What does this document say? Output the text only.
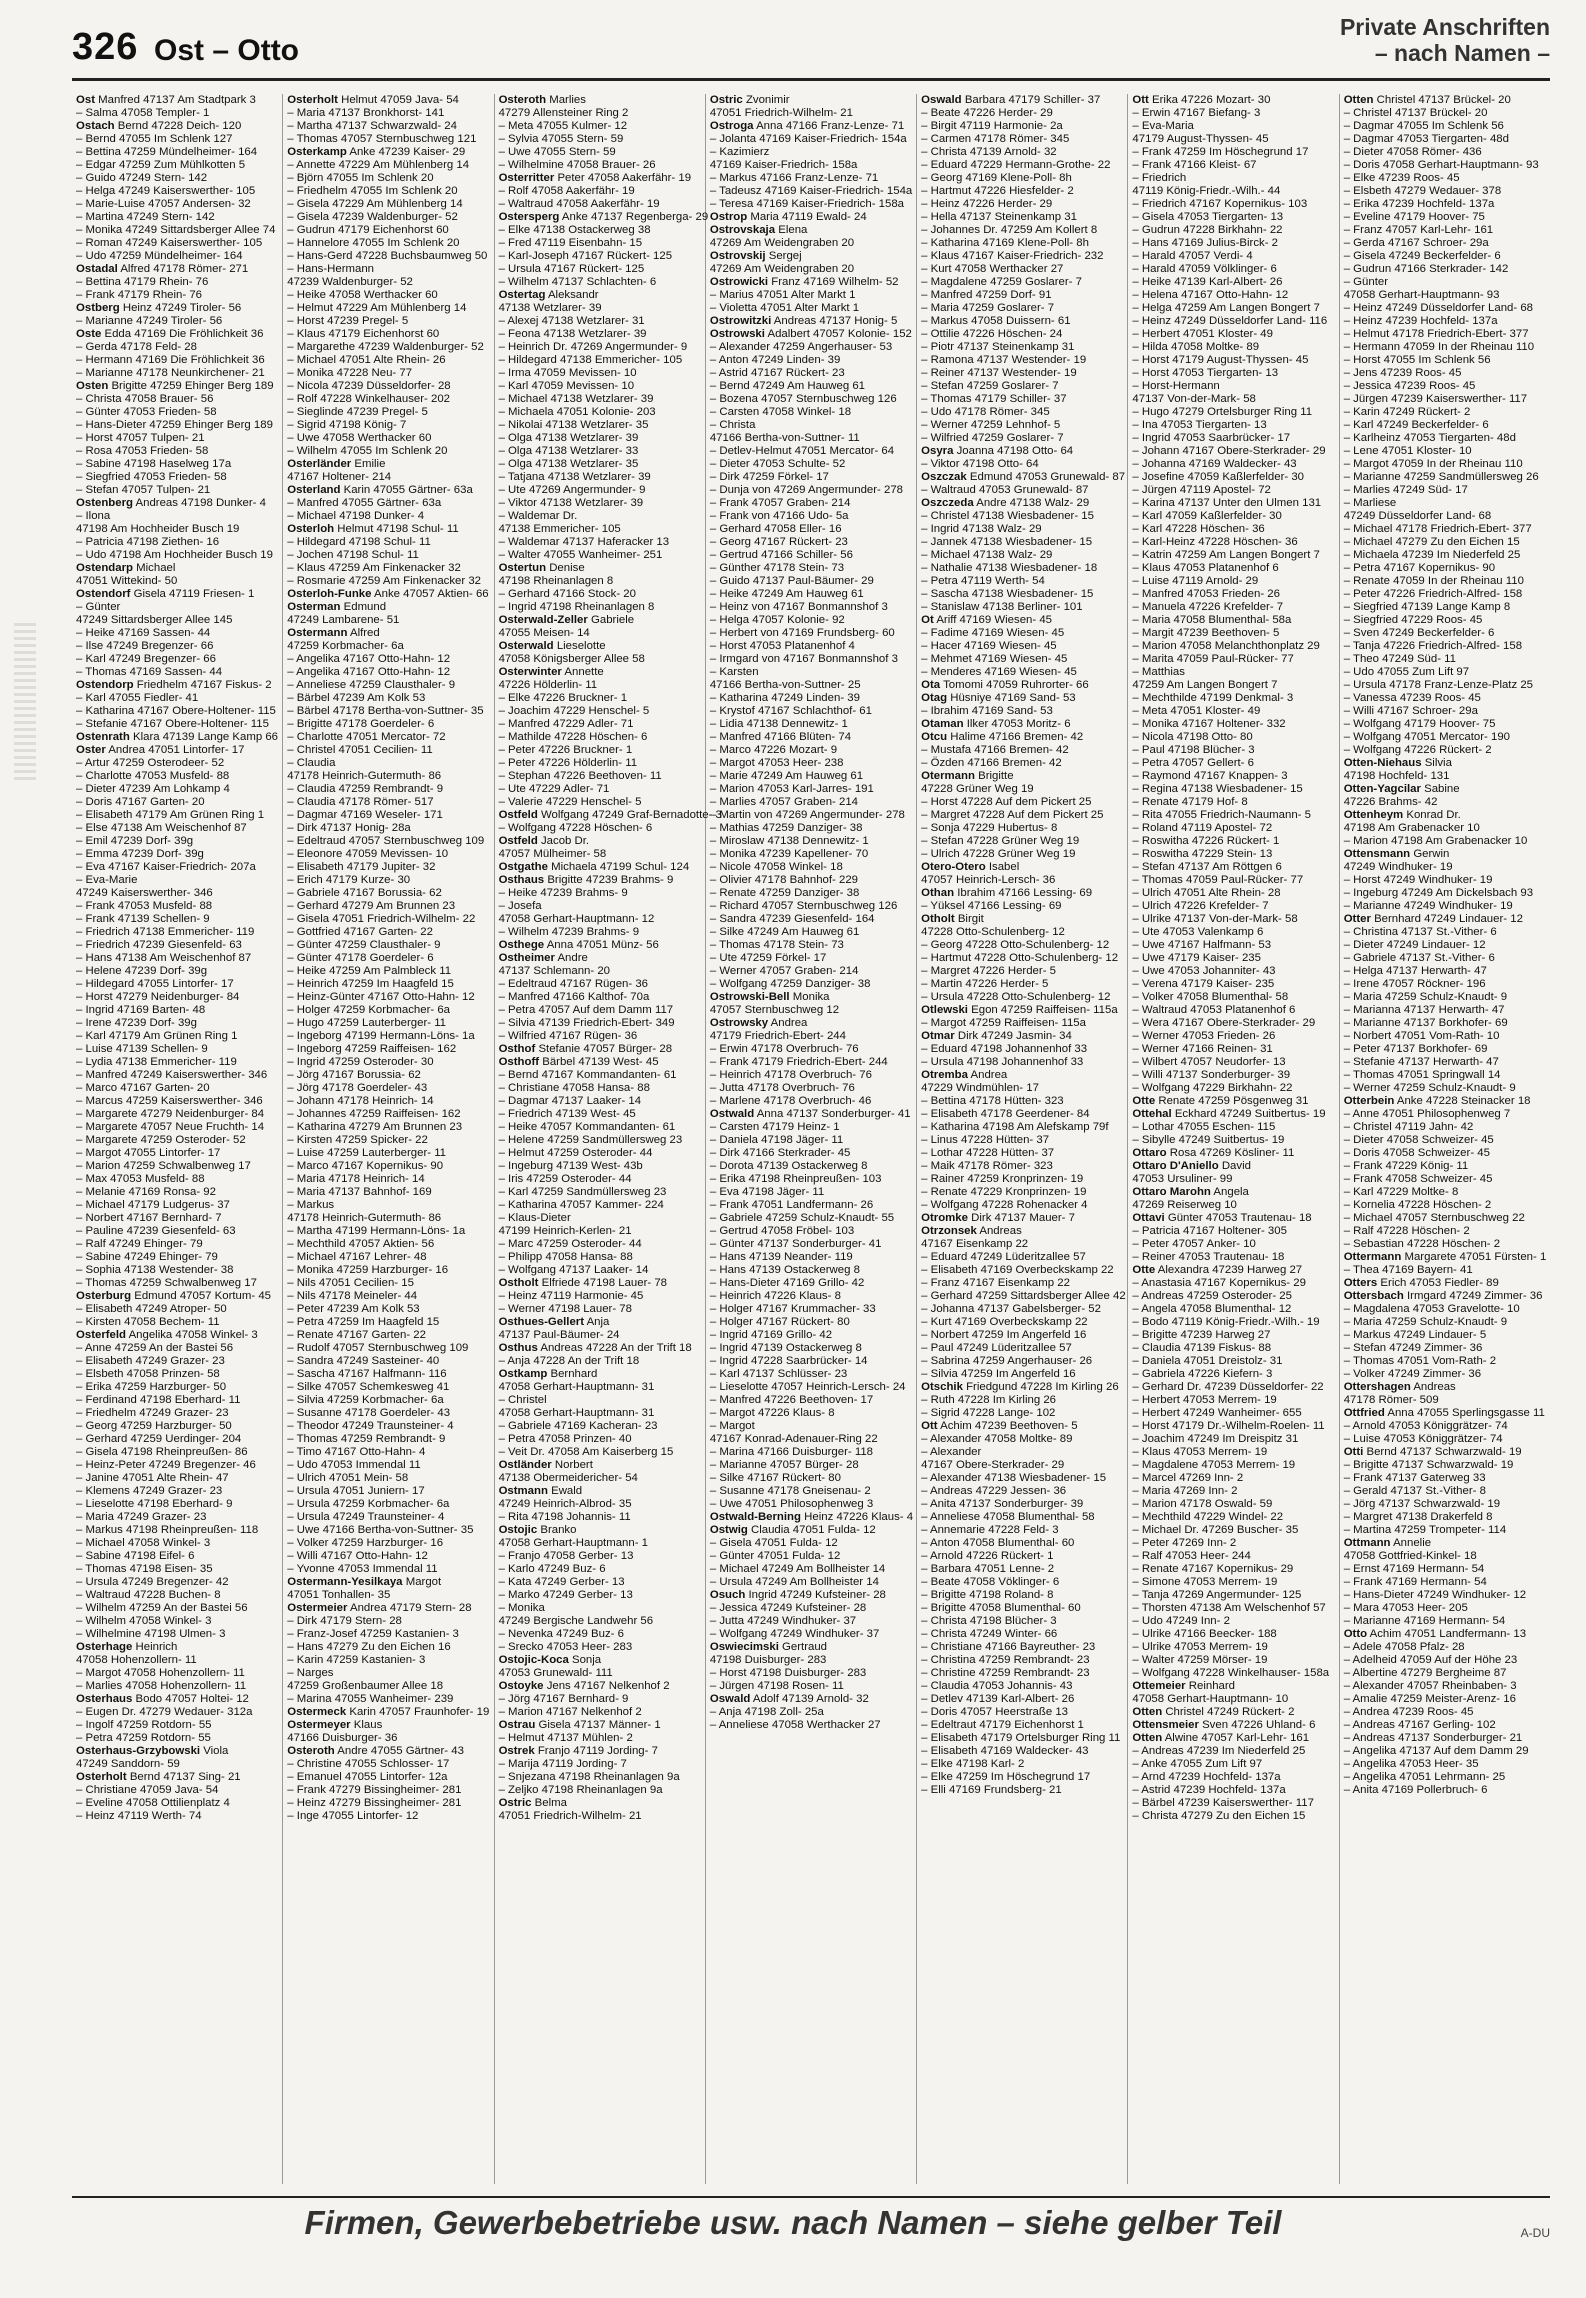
326 Ost – Otto
Private Anschriften
– nach Namen –
Ost Manfred 47137 Am Stadtpark 3
– Salma 47058 Templer- 1
Ostach Bernd 47228 Deich- 120
– Bernd 47055 Im Schlenk 127
– Bettina 47259 Mündelheimer- 164
– Edgar 47259 Zum Mühlkotten 5
– Guido 47249 Stern- 142
– Helga 47249 Kaiserswerther- 105
– Marie-Luise 47057 Andersen- 32
– Martina 47249 Stern- 142
– Monika 47249 Sittardsberger Allee 74
– Roman 47249 Kaiserswerther- 105
– Udo 47259 Mündelheimer- 164
Ostadal Alfred 47178 Römer- 271
– Bettina 47179 Rhein- 76
– Frank 47179 Rhein- 76
Ostberg Heinz 47249 Tiroler- 56
– Marianne 47249 Tiroler- 56
Oste Edda 47169 Die Fröhlichkeit 36
– Gerda 47178 Feld- 28
– Hermann 47169 Die Fröhlichkeit 36
– Marianne 47178 Neunkirchener- 21
Osten Brigitte 47259 Ehinger Berg 189
– Christa 47058 Brauer- 56
– Günter 47053 Frieden- 58
– Hans-Dieter 47259 Ehinger Berg 189
– Horst 47057 Tulpen- 21
– Rosa 47053 Frieden- 58
– Sabine 47198 Haselweg 17a
– Siegfried 47053 Frieden- 58
– Stefan 47057 Tulpen- 21
Ostenberg Andreas 47198 Dunker- 4
– Ilona
47198 Am Hochheider Busch 19
– Patricia 47198 Ziethen- 16
– Udo 47198 Am Hochheider Busch 19
Ostendarp Michael
47051 Wittekind- 50
Ostendorf Gisela 47119 Friesen- 1
– Günter
47249 Sittardsberger Allee 145
– Heike 47169 Sassen- 44
– Ilse 47249 Bregenzer- 66
– Karl 47249 Bregenzer- 66
– Thomas 47169 Sassen- 44
Ostendorp Friedhelm 47167 Fiskus- 2
– Karl 47055 Fiedler- 41
– Katharina 47167 Obere-Holtener- 115
– Stefanie 47167 Obere-Holtener- 115
Ostenrath Klara 47139 Lange Kamp 66
Oster Andrea 47051 Lintorfer- 17
– Artur 47259 Osterodeer- 52
– Charlotte 47053 Musfeld- 88
– Dieter 47239 Am Lohkamp 4
– Doris 47167 Garten- 20
– Elisabeth 47179 Am Grünen Ring 1
– Else 47138 Am Weischenhof 87
– Emil 47239 Dorf- 39g
– Emma 47239 Dorf- 39g
– Eva 47167 Kaiser-Friedrich- 207a
– Eva-Marie
47249 Kaiserswerther- 346
– Frank 47053 Musfeld- 88
– Frank 47139 Schellen- 9
– Friedrich 47138 Emmericher- 119
– Friedrich 47239 Giesenfeld- 63
– Hans 47138 Am Weischenhof 87
– Helene 47239 Dorf- 39g
– Hildegard 47055 Lintorfer- 17
– Horst 47279 Neidenburger- 84
– Ingrid 47169 Barten- 48
– Irene 47239 Dorf- 39g
– Karl 47179 Am Grünen Ring 1
– Luise 47139 Schellen- 9
– Lydia 47138 Emmericher- 119
– Manfred 47249 Kaiserswerther- 346
– Marco 47167 Garten- 20
– Marcus 47259 Kaiserswerther- 346
– Margarete 47279 Neidenburger- 84
– Margarete 47057 Neue Fruchth- 14
– Margarete 47259 Osteroder- 52
– Margot 47055 Lintorfer- 17
– Marion 47259 Schwalbenweg 17
– Max 47053 Musfeld- 88
– Melanie 47169 Ronsa- 92
– Michael 47179 Ludgerus- 37
– Norbert 47167 Bernhard- 7
– Pauline 47239 Giesenfeld- 63
– Ralf 47249 Ehinger- 79
– Sabine 47249 Ehinger- 79
– Sophia 47138 Westender- 38
– Thomas 47259 Schwalbenweg 17
Osterburg Edmund 47057 Kortum- 45
– Elisabeth 47249 Atroper- 50
– Kirsten 47058 Bechem- 11
Osterfeld Angelika 47058 Winkel- 3
– Anne 47259 An der Bastei 56
– Elisabeth 47249 Grazer- 23
– Elsbeth 47058 Prinzen- 58
– Erika 47259 Harzburger- 50
– Ferdinand 47198 Eberhard- 11
– Friedhelm 47249 Grazer- 23
– Georg 47259 Harzburger- 50
– Gerhard 47259 Uerdinger- 204
– Gisela 47198 Rheinpreußen- 86
– Heinz-Peter 47249 Bregenzer- 46
– Janine 47051 Alte Rhein- 47
– Klemens 47249 Grazer- 23
– Lieselotte 47198 Eberhard- 9
– Maria 47249 Grazer- 23
– Markus 47198 Rheinpreußen- 118
– Michael 47058 Winkel- 3
– Sabine 47198 Eifel- 6
– Thomas 47198 Eisen- 35
– Ursula 47249 Bregenzer- 42
– Waltraud 47228 Buchen- 8
– Wilhelm 47259 An der Bastei 56
– Wilhelm 47058 Winkel- 3
– Wilhelmine 47198 Ulmen- 3
Osterhage Heinrich
47058 Hohenzollern- 11
– Margot 47058 Hohenzollern- 11
– Marlies 47058 Hohenzollern- 11
Osterhaus Bodo 47057 Holtei- 12
– Eugen Dr. 47279 Wedauer- 312a
– Ingolf 47259 Rotdorn- 55
– Petra 47259 Rotdorn- 55
Osterhaus-Grzybowski Viola
47249 Sanddorn- 59
Osterholt Bernd 47137 Sing- 21
– Christiane 47059 Java- 54
– Eveline 47058 Ottilienplatz 4
– Heinz 47119 Werth- 74
Osterholt Helmut 47059 Java- 54
– Maria 47137 Bronkhorst- 141
– Martha 47137 Schwarzwald- 24
– Thomas 47057 Sternbuschweg 121
Osterkamp Anke 47239 Kaiser- 29
– Annette 47229 Am Mühlenberg 14
– Björn 47055 Im Schlenk 20
– Friedhelm 47055 Im Schlenk 20
– Gisela 47229 Am Mühlenberg 14
– Gisela 47239 Waldenburger- 52
– Gudrun 47179 Eichenhorst 60
– Hannelore 47055 Im Schlenk 20
– Hans-Gerd 47228 Buchsbaumweg 50
– Hans-Hermann
47239 Waldenburger- 52
– Heike 47058 Werthacker 60
– Helmut 47229 Am Mühlenberg 14
– Horst 47239 Pregel- 5
– Klaus 47179 Eichenhorst 60
– Margarethe 47239 Waldenburger- 52
– Michael 47051 Alte Rhein- 26
– Monika 47228 Neu- 77
– Nicola 47239 Düsseldorfer- 28
– Rolf 47228 Winkelhauser- 202
– Sieglinde 47239 Pregel- 5
– Sigrid 47198 König- 7
– Uwe 47058 Werthacker 60
– Wilhelm 47055 Im Schlenk 20
Osterländer Emilie
47167 Holtener- 214
Osterland Karin 47055 Gärtner- 63a
– Manfred 47055 Gärtner- 63a
– Michael 47198 Dunker- 4
Osterloh Helmut 47198 Schul- 11
– Hildegard 47198 Schul- 11
– Jochen 47198 Schul- 11
– Klaus 47259 Am Finkenacker 32
– Rosmarie 47259 Am Finkenacker 32
Osterloh-Funke Anke 47057 Aktien- 66
Osterman Edmund
47249 Lambarene- 51
Ostermann Alfred
47259 Korbmacher- 6a
– Angelika 47167 Otto-Hahn- 12
– Angelika 47167 Otto-Hahn- 12
– Anneliese 47259 Clausthaler- 9
– Bärbel 47239 Am Kolk 53
– Bärbel 47178 Bertha-von-Suttner- 35
– Brigitte 47178 Goerdeler- 6
– Charlotte 47051 Mercator- 72
– Christel 47051 Cecilien- 11
– Claudia
47178 Heinrich-Gutermuth- 86
– Claudia 47259 Rembrandt- 9
– Claudia 47178 Römer- 517
– Dagmar 47169 Weseler- 171
– Dirk 47137 Honig- 28a
– Edeltraud 47057 Sternbuschweg 109
– Eleonore 47059 Mevissen- 10
– Elisabeth 47179 Jupiter- 32
– Erich 47179 Kurze- 30
– Gabriele 47167 Borussia- 62
– Gerhard 47279 Am Brunnen 23
– Gisela 47051 Friedrich-Wilhelm- 22
– Gottfried 47167 Garten- 22
– Günter 47259 Clausthaler- 9
– Günter 47178 Goerdeler- 6
– Heike 47259 Am Palmbleck 11
– Heinrich 47259 Im Haagfeld 15
– Heinz-Günter 47167 Otto-Hahn- 12
– Holger 47259 Korbmacher- 6a
– Hugo 47259 Lauterberger- 11
– Ingeborg 47199 Hermann-Löns- 1a
– Ingeborg 47259 Raiffeisen- 162
– Ingrid 47259 Osteroder- 30
– Jörg 47167 Borussia- 62
– Jörg 47178 Goerdeler- 43
– Johann 47178 Heinrich- 14
– Johannes 47259 Raiffeisen- 162
– Katharina 47279 Am Brunnen 23
– Kirsten 47259 Spicker- 22
– Luise 47259 Lauterberger- 11
– Marco 47167 Kopernikus- 90
– Maria 47178 Heinrich- 14
– Maria 47137 Bahnhof- 169
– Markus
47178 Heinrich-Gutermuth- 86
– Martha 47199 Hermann-Löns- 1a
– Mechthild 47057 Aktien- 56
– Michael 47167 Lehrer- 48
– Monika 47259 Harzburger- 16
– Nils 47051 Cecilien- 15
– Nils 47178 Meineler- 44
– Peter 47239 Am Kolk 53
– Petra 47259 Im Haagfeld 15
– Renate 47167 Garten- 22
– Rudolf 47057 Sternbuschweg 109
– Sandra 47249 Sasteiner- 40
– Sascha 47167 Halfmann- 116
– Silke 47057 Schemkesweg 41
– Silvia 47259 Korbmacher- 6a
– Susanne 47178 Goerdeler- 43
– Theodor 47249 Traunsteiner- 4
– Thomas 47259 Rembrandt- 9
– Timo 47167 Otto-Hahn- 4
– Udo 47053 Immendal 11
– Ulrich 47051 Mein- 58
– Ursula 47051 Juniern- 17
– Ursula 47259 Korbmacher- 6a
– Ursula 47249 Traunsteiner- 4
– Uwe 47166 Bertha-von-Suttner- 35
– Volker 47259 Harzburger- 16
– Willi 47167 Otto-Hahn- 12
– Yvonne 47053 Immendal 11
Ostermann-Yesilkaya Margot
47051 Tonhallen- 35
Ostermeier Andrea 47179 Stern- 28
– Dirk 47179 Stern- 28
– Franz-Josef 47259 Kastanien- 3
– Hans 47279 Zu den Eichen 16
– Karin 47259 Kastanien- 3
– Narges
47259 Großenbaumer Allee 18
– Marina 47055 Wanheimer- 239
Ostermeck Karin 47057 Fraunhofer- 19
Ostermeyer Klaus
47166 Duisburger- 36
Osteroth Andre 47055 Gärtner- 43
– Christine 47055 Schlosser- 17
– Emanuel 47055 Lintorfer- 12a
– Frank 47279 Bissingheimer- 281
– Heinz 47279 Bissingheimer- 281
– Inge 47055 Lintorfer- 12
Osteroth Marlies
47279 Allensteiner Ring 2
– Meta 47055 Kulmer- 12
– Sylvia 47055 Stern- 59
– Uwe 47055 Stern- 59
– Wilhelmine 47058 Brauer- 26
Osterritter Peter 47058 Aakerfähr- 19
– Rolf 47058 Aakerfähr- 19
– Waltraud 47058 Aakerfähr- 19
Ostersperg Anke 47137 Regenberga- 29
– Elke 47138 Ostackerweg 38
– Fred 47119 Eisenbahn- 15
– Karl-Joseph 47167 Rückert- 125
– Ursula 47167 Rückert- 125
– Wilhelm 47137 Schlachten- 6
Ostertag Aleksandr
47138 Wetzlarer- 39
– Alexej 47138 Wetzlarer- 31
– Feona 47138 Wetzlarer- 39
– Heinrich Dr. 47269 Angermunder- 9
– Hildegard 47138 Emmericher- 105
– Irma 47059 Mevissen- 10
– Karl 47059 Mevissen- 10
– Michael 47138 Wetzlarer- 39
– Michaela 47051 Kolonie- 203
– Nikolai 47138 Wetzlarer- 35
– Olga 47138 Wetzlarer- 39
– Olga 47138 Wetzlarer- 33
– Olga 47138 Wetzlarer- 35
– Tatjana 47138 Wetzlarer- 39
– Ute 47269 Angermunder- 9
– Viktor 47138 Wetzlarer- 39
– Waldemar Dr.
47138 Emmericher- 105
– Waldemar 47137 Haferacker 13
– Walter 47055 Wanheimer- 251
Ostertun Denise
47198 Rheinanlagen 8
– Gerhard 47166 Stock- 20
– Ingrid 47198 Rheinanlagen 8
Osterwald-Zeller Gabriele
47055 Meisen- 14
Osterwald Lieselotte
47058 Königsberger Allee 58
Osterwinter Annette
47226 Hölderlin- 11
– Elke 47226 Bruckner- 1
– Joachim 47229 Henschel- 5
– Manfred 47229 Adler- 71
– Mathilde 47228 Höschen- 6
– Peter 47226 Bruckner- 1
– Peter 47226 Hölderlin- 11
– Stephan 47226 Beethoven- 11
– Ute 47229 Adler- 71
– Valerie 47229 Henschel- 5
Ostfeld Wolfgang 47249 Graf-Bernadotte- 3
– Wolfgang 47228 Höschen- 6
Ostfeld Jacob Dr.
47057 Mülheimer- 58
Ostgathe Michaela 47199 Schul- 124
Osthaus Brigitte 47239 Brahms- 9
– Heike 47239 Brahms- 9
– Josefa
47058 Gerhart-Hauptmann- 12
– Wilhelm 47239 Brahms- 9
Osthege Anna 47051 Münz- 56
Ostheimer Andre
47137 Schlemann- 20
– Edeltraud 47167 Rügen- 36
– Manfred 47166 Kalthof- 70a
– Petra 47057 Auf dem Damm 117
– Silvia 47139 Friedrich-Ebert- 349
– Wilfried 47167 Rügen- 36
Osthof Stefanie 47057 Bürger- 28
Osthoff Bärbel 47139 West- 45
– Bernd 47167 Kommandanten- 61
– Christiane 47058 Hansa- 88
– Dagmar 47137 Laaker- 14
– Friedrich 47139 West- 45
– Heike 47057 Kommandanten- 61
– Helene 47259 Sandmüllersweg 23
– Helmut 47259 Osteroder- 44
– Ingeburg 47139 West- 43b
– Iris 47259 Osteroder- 44
– Karl 47259 Sandmüllersweg 23
– Katharina 47057 Kammer- 224
– Klaus-Dieter
47199 Heinrich-Kerlen- 21
– Marc 47259 Osteroder- 44
– Philipp 47058 Hansa- 88
– Wolfgang 47137 Laaker- 14
Ostholt Elfriede 47198 Lauer- 78
– Heinz 47119 Harmonie- 45
– Werner 47198 Lauer- 78
Osthues-Gellert Anja
47137 Paul-Bäumer- 24
Osthus Andreas 47228 An der Trift 18
– Anja 47228 An der Trift 18
Ostkamp Bernhard
47058 Gerhart-Hauptmann- 31
– Christel
47058 Gerhart-Hauptmann- 31
– Gabriele 47169 Kacheran- 23
– Petra 47058 Prinzen- 40
– Veit Dr. 47058 Am Kaiserberg 15
Ostländer Norbert
47138 Obermeidericher- 54
Ostmann Ewald
47249 Heinrich-Albrod- 35
– Rita 47198 Johannis- 11
Ostojic Branko
47058 Gerhart-Hauptmann- 1
– Franjo 47058 Gerber- 13
– Karlo 47249 Buz- 6
– Kata 47249 Gerber- 13
– Marko 47249 Gerber- 13
– Monika
47249 Bergische Landwehr 56
– Nevenka 47249 Buz- 6
– Srecko 47053 Heer- 283
Ostojic-Koca Sonja
47053 Grunewald- 111
Ostoyke Jens 47167 Nelkenhof 2
– Jörg 47167 Bernhard- 9
– Marion 47167 Nelkenhof 2
Ostrau Gisela 47137 Männer- 1
– Helmut 47137 Mühlen- 2
Ostrek Franjo 47119 Jording- 7
– Marija 47119 Jording- 7
– Snjezana 47198 Rheinanlagen 9a
– Zeljko 47198 Rheinanlagen 9a
Ostric Belma
47051 Friedrich-Wilhelm- 21
Ostric Zvonimir
47051 Friedrich-Wilhelm- 21
Ostroga Anna 47166 Franz-Lenze- 71
– Jolanta 47169 Kaiser-Friedrich- 154a
– Kazimierz
47169 Kaiser-Friedrich- 158a
– Markus 47166 Franz-Lenze- 71
– Tadeusz 47169 Kaiser-Friedrich- 154a
– Teresa 47169 Kaiser-Friedrich- 158a
Ostrop Maria 47119 Ewald- 24
Ostrovskaja Elena
47269 Am Weidengraben 20
Ostrovskij Sergej
47269 Am Weidengraben 20
Ostrowicki Franz 47169 Wilhelm- 52
– Marius 47051 Alter Markt 1
– Violetta 47051 Alter Markt 1
Ostrowitzki Andreas 47137 Honig- 5
Ostrowski Adalbert 47057 Kolonie- 152
– Alexander 47259 Angerhauser- 53
– Anton 47249 Linden- 39
– Astrid 47167 Rückert- 23
– Bernd 47249 Am Hauweg 61
– Bozena 47057 Sternbuschweg 126
– Carsten 47058 Winkel- 18
– Christa
47166 Bertha-von-Suttner- 11
– Detlev-Helmut 47051 Mercator- 64
– Dieter 47053 Schulte- 52
– Dirk 47259 Förkel- 17
– Dunja von 47269 Angermunder- 278
– Frank 47057 Graben- 214
– Frank von 47166 Udo- 5a
– Gerhard 47058 Eller- 16
– Georg 47167 Rückert- 23
– Gertrud 47166 Schiller- 56
– Günther 47178 Stein- 73
– Guido 47137 Paul-Bäumer- 29
– Heike 47249 Am Hauweg 61
– Heinz von 47167 Bonmannshof 3
– Helga 47057 Kolonie- 92
– Herbert von 47169 Frundsberg- 60
– Horst 47053 Platanenhof 4
– Irmgard von 47167 Bonmannshof 3
– Karsten
47166 Bertha-von-Suttner- 25
– Katharina 47249 Linden- 39
– Krystof 47167 Schlachthof- 61
– Lidia 47138 Dennewitz- 1
– Manfred 47166 Blüten- 74
– Marco 47226 Mozart- 9
– Margot 47053 Heer- 238
– Marie 47249 Am Hauweg 61
– Marion 47053 Karl-Jarres- 191
– Marlies 47057 Graben- 214
– Martin von 47269 Angermunder- 278
– Mathias 47259 Danziger- 38
– Miroslaw 47138 Dennewitz- 1
– Monika 47239 Kapellener- 70
– Nicole 47058 Winkel- 18
– Olivier 47178 Bahnhof- 229
– Renate 47259 Danziger- 38
– Richard 47057 Sternbuschweg 126
– Sandra 47239 Giesenfeld- 164
– Silke 47249 Am Hauweg 61
– Thomas 47178 Stein- 73
– Ute 47259 Förkel- 17
– Werner 47057 Graben- 214
– Wolfgang 47259 Danziger- 38
Ostrowski-Bell Monika
47057 Sternbuschweg 12
Ostrowsky Andrea
47179 Friedrich-Ebert- 244
– Erwin 47178 Overbruch- 76
– Frank 47179 Friedrich-Ebert- 244
– Heinrich 47178 Overbruch- 76
– Jutta 47178 Overbruch- 76
– Marlene 47178 Overbruch- 46
Ostwald Anna 47137 Sonderburger- 41
– Carsten 47179 Heinz- 1
– Daniela 47198 Jäger- 11
– Dirk 47166 Sterkrader- 45
– Dorota 47139 Ostackerweg 8
– Erika 47198 Rheinpreußen- 103
– Eva 47198 Jäger- 11
– Frank 47051 Landfermann- 26
– Gabriele 47259 Schulz-Knaudt- 55
– Gertrud 47058 Fröbel- 103
– Günter 47137 Sonderburger- 41
– Hans 47139 Neander- 119
– Hans 47139 Ostackerweg 8
– Hans-Dieter 47169 Grillo- 42
– Heinrich 47226 Klaus- 8
– Holger 47167 Krummacher- 33
– Holger 47167 Rückert- 80
– Ingrid 47169 Grillo- 42
– Ingrid 47139 Ostackerweg 8
– Ingrid 47228 Saarbrücker- 14
– Karl 47137 Schlüsser- 23
– Lieselotte 47057 Heinrich-Lersch- 24
– Manfred 47226 Beethoven- 17
– Margot 47226 Klaus- 8
– Margot
47167 Konrad-Adenauer-Ring 22
– Marina 47166 Duisburger- 118
– Marianne 47057 Bürger- 28
– Silke 47167 Rückert- 80
– Susanne 47178 Gneisenau- 2
– Uwe 47051 Philosophenweg 3
Ostwald-Berning Heinz 47226 Klaus- 4
Ostwig Claudia 47051 Fulda- 12
– Gisela 47051 Fulda- 12
– Günter 47051 Fulda- 12
– Michael 47249 Am Bollheister 14
– Ursula 47249 Am Bollheister 14
Osuch Ingrid 47249 Kufsteiner- 28
– Jessica 47249 Kufsteiner- 28
– Jutta 47249 Windhuker- 37
– Wolfgang 47249 Windhuker- 37
Oswiecimski Gertraud
47198 Duisburger- 283
– Horst 47198 Duisburger- 283
– Jürgen 47198 Rosen- 11
Oswald Adolf 47139 Arnold- 32
– Anja 47198 Zoll- 25a
– Anneliese 47058 Werthacker 27
Oswald Barbara 47179 Schiller- 37
– Beate 47226 Herder- 29
– Birgit 47119 Harmonie- 2a
– Carmen 47178 Römer- 345
– Christa 47139 Arnold- 32
– Eduard 47229 Hermann-Grothe- 22
– Georg 47169 Klene-Poll- 8h
– Hartmut 47226 Hiesfelder- 2
– Heinz 47226 Herder- 29
– Hella 47137 Steinenkamp 31
– Johannes Dr. 47259 Am Kollert 8
– Katharina 47169 Klene-Poll- 8h
– Klaus 47167 Kaiser-Friedrich- 232
– Kurt 47058 Werthacker 27
– Magdalene 47259 Goslarer- 7
– Manfred 47259 Dorf- 91
– Maria 47259 Goslarer- 7
– Markus 47058 Duissern- 61
– Ottilie 47226 Höschen- 24
– Piotr 47137 Steinenkamp 31
– Ramona 47137 Westender- 19
– Reiner 47137 Westender- 19
– Stefan 47259 Goslarer- 7
– Thomas 47179 Schiller- 37
– Udo 47178 Römer- 345
– Werner 47259 Lehnhof- 5
– Wilfried 47259 Goslarer- 7
Osyra Joanna 47198 Otto- 64
– Viktor 47198 Otto- 64
Oszczak Edmund 47053 Grunewald- 87
– Waltraud 47053 Grunewald- 87
Oszczeda Andre 47138 Walz- 29
– Christel 47138 Wiesbadener- 15
– Ingrid 47138 Walz- 29
– Jannek 47138 Wiesbadener- 15
– Michael 47138 Walz- 29
– Nathalie 47138 Wiesbadener- 18
– Petra 47119 Werth- 54
– Sascha 47138 Wiesbadener- 15
– Stanislaw 47138 Berliner- 101
Ot Ariff 47169 Wiesen- 45
– Fadime 47169 Wiesen- 45
– Hacer 47169 Wiesen- 45
– Mehmet 47169 Wiesen- 45
– Menderes 47169 Wiesen- 45
Ota Tomomi 47059 Ruhrorter- 66
Otag Hüsniye 47169 Sand- 53
– Ibrahim 47169 Sand- 53
Otaman Ilker 47053 Moritz- 6
Otcu Halime 47166 Bremen- 42
– Mustafa 47166 Bremen- 42
– Özden 47166 Bremen- 42
Otermann Brigitte
47228 Grüner Weg 19
– Horst 47228 Auf dem Pickert 25
– Margret 47228 Auf dem Pickert 25
– Sonja 47229 Hubertus- 8
– Stefan 47228 Grüner Weg 19
– Ulrich 47228 Grüner Weg 19
Otero-Otero Isabel
47057 Heinrich-Lersch- 36
Othan Ibrahim 47166 Lessing- 69
– Yüksel 47166 Lessing- 69
Otholt Birgit
47228 Otto-Schulenberg- 12
– Georg 47228 Otto-Schulenberg- 12
– Hartmut 47228 Otto-Schulenberg- 12
– Margret 47226 Herder- 5
– Martin 47226 Herder- 5
– Ursula 47228 Otto-Schulenberg- 12
Otlewski Egon 47259 Raiffeisen- 115a
– Margot 47259 Raiffeisen- 115a
Otmar Dirk 47249 Jasmin- 34
– Eduard 47198 Johannenhof 33
– Ursula 47198 Johannenhof 33
Otremba Andrea
47229 Windmühlen- 17
– Bettina 47178 Hütten- 323
– Elisabeth 47178 Geerdener- 84
– Katharina 47198 Am Alefskamp 79f
– Linus 47228 Hütten- 37
– Lothar 47228 Hütten- 37
– Maik 47178 Römer- 323
– Rainer 47259 Kronprinzen- 19
– Renate 47229 Kronprinzen- 19
– Wolfgang 47228 Rohenacker 4
Otromke Dirk 47137 Mauer- 7
Otrzonsek Andreas
47167 Eisenkamp 22
– Eduard 47249 Lüderitzallee 57
– Elisabeth 47169 Overbeckskamp 22
– Franz 47167 Eisenkamp 22
– Gerhard 47259 Sittardsberger Allee 42
– Johanna 47137 Gabelsberger- 52
– Kurt 47169 Overbeckskamp 22
– Norbert 47259 Im Angerfeld 16
– Paul 47249 Lüderitzallee 57
– Sabrina 47259 Angerhauser- 26
– Silvia 47259 Im Angerfeld 16
Otschik Friedgund 47228 Im Kirling 26
– Ruth 47228 Im Kirling 26
– Sigrid 47228 Lange- 102
Ott Achim 47239 Beethoven- 5
– Alexander 47058 Moltke- 89
– Alexander
47167 Obere-Sterkrader- 29
– Alexander 47138 Wiesbadener- 15
– Andreas 47229 Jessen- 36
– Anita 47137 Sonderburger- 39
– Anneliese 47058 Blumenthal- 58
– Annemarie 47228 Feld- 3
– Anton 47058 Blumenthal- 60
– Arnold 47226 Rückert- 1
– Barbara 47051 Lenne- 2
– Beate 47058 Vöklinger- 6
– Brigitte 47198 Roland- 8
– Brigitte 47058 Blumenthal- 60
– Christa 47198 Blücher- 3
– Christa 47249 Winter- 66
– Christiane 47166 Bayreuther- 23
– Christina 47259 Rembrandt- 23
– Christine 47259 Rembrandt- 23
– Claudia 47053 Johannis- 43
– Detlev 47139 Karl-Albert- 26
– Doris 47057 Heerstraße 13
– Edeltraut 47179 Eichenhorst 1
– Elisabeth 47179 Ortelsburger Ring 11
– Elisabeth 47169 Waldecker- 43
– Elke 47198 Karl- 2
– Elke 47259 Im Höschegrund 17
– Elli 47169 Frundsberg- 21
Ott Erika 47226 Mozart- 30
– Erwin 47167 Biefang- 3
– Eva-Maria
47179 August-Thyssen- 45
– Frank 47259 Im Höschegrund 17
– Frank 47166 Kleist- 67
– Friedrich
47119 König-Friedr.-Wilh.- 44
– Friedrich 47167 Kopernikus- 103
– Gisela 47053 Tiergarten- 13
– Gudrun 47228 Birkhahn- 22
– Hans 47169 Julius-Birck- 2
– Harald 47057 Verdi- 4
– Harald 47059 Völklinger- 6
– Heike 47139 Karl-Albert- 26
– Helena 47167 Otto-Hahn- 12
– Helga 47259 Am Langen Bongert 7
– Heinz 47249 Düsseldorfer Land- 116
– Herbert 47051 Kloster- 49
– Hilda 47058 Moltke- 89
– Horst 47179 August-Thyssen- 45
– Horst 47053 Tiergarten- 13
– Horst-Hermann
47137 Von-der-Mark- 58
– Hugo 47279 Ortelsburger Ring 11
– Ina 47053 Tiergarten- 13
– Ingrid 47053 Saarbrücker- 17
– Johann 47167 Obere-Sterkrader- 29
– Johanna 47169 Waldecker- 43
– Josefine 47059 Kaßlerfelder- 30
– Jürgen 47119 Apostel- 72
– Karina 47137 Unter den Ulmen 131
– Karl 47059 Kaßlerfelder- 30
– Karl 47228 Höschen- 36
– Karl-Heinz 47228 Höschen- 36
– Katrin 47259 Am Langen Bongert 7
– Klaus 47053 Platanenhof 6
– Luise 47119 Arnold- 29
– Manfred 47053 Frieden- 26
– Manuela 47226 Krefelder- 7
– Maria 47058 Blumenthal- 58a
– Margit 47239 Beethoven- 5
– Marion 47058 Melanchthonplatz 29
– Marita 47059 Paul-Rücker- 77
– Matthias
47259 Am Langen Bongert 7
– Mechthilde 47199 Denkmal- 3
– Meta 47051 Kloster- 49
– Monika 47167 Holtener- 332
– Nicola 47198 Otto- 80
– Paul 47198 Blücher- 3
– Petra 47057 Gellert- 6
– Raymond 47167 Knappen- 3
– Regina 47138 Wiesbadener- 15
– Renate 47179 Hof- 8
– Rita 47055 Friedrich-Naumann- 5
– Roland 47119 Apostel- 72
– Roswitha 47226 Rückert- 1
– Roswitha 47229 Stein- 13
– Stefan 47137 Am Röttgen 6
– Thomas 47059 Paul-Rücker- 77
– Ulrich 47051 Alte Rhein- 28
– Ulrich 47226 Krefelder- 7
– Ulrike 47137 Von-der-Mark- 58
– Ute 47053 Valenkamp 6
– Uwe 47167 Halfmann- 53
– Uwe 47179 Kaiser- 235
– Uwe 47053 Johanniter- 43
– Verena 47179 Kaiser- 235
– Volker 47058 Blumenthal- 58
– Waltraud 47053 Platanenhof 6
– Wera 47167 Obere-Sterkrader- 29
– Werner 47053 Frieden- 26
– Werner 47166 Reinen- 31
– Wilbert 47057 Neudorfer- 13
– Willi 47137 Sonderburger- 39
– Wolfgang 47229 Birkhahn- 22
Otte Renate 47259 Pösgenweg 31
Ottehal Eckhard 47249 Suitbertus- 19
– Lothar 47055 Eschen- 115
– Sibylle 47249 Suitbertus- 19
Ottaro Rosa 47269 Kösliner- 11
Ottaro D'Aniello David
47053 Ursuliner- 99
Ottaro Marohn Angela
47269 Reiserweg 10
Ottavi Günter 47053 Trautenau- 18
– Patricia 47167 Holtener- 305
– Peter 47057 Anker- 10
– Reiner 47053 Trautenau- 18
Otte Alexandra 47239 Harweg 27
– Anastasia 47167 Kopernikus- 29
– Andreas 47259 Osteroder- 25
– Angela 47058 Blumenthal- 12
– Bodo 47119 König-Friedr.-Wilh.- 19
– Brigitte 47239 Harweg 27
– Claudia 47139 Fiskus- 88
– Daniela 47051 Dreistolz- 31
– Gabriela 47226 Kiefern- 3
– Gerhard Dr. 47239 Düsseldorfer- 22
– Herbert 47053 Merrem- 19
– Herbert 47249 Wanheimer- 655
– Horst 47179 Dr.-Wilhelm-Roelen- 11
– Joachim 47249 Im Dreispitz 31
– Klaus 47053 Merrem- 19
– Magdalene 47053 Merrem- 19
– Marcel 47269 Inn- 2
– Maria 47269 Inn- 2
– Marion 47178 Oswald- 59
– Mechthild 47229 Windel- 22
– Michael Dr. 47269 Buscher- 35
– Peter 47269 Inn- 2
– Ralf 47053 Heer- 244
– Renate 47167 Kopernikus- 29
– Simone 47053 Merrem- 19
– Tanja 47269 Angermunder- 125
– Thorsten 47138 Am Welschenhof 57
– Udo 47249 Inn- 2
– Ulrike 47166 Beecker- 188
– Ulrike 47053 Merrem- 19
– Walter 47259 Mörser- 19
– Wolfgang 47228 Winkelhauser- 158a
Ottemeier Reinhard
47058 Gerhart-Hauptmann- 10
Otten Christel 47249 Rückert- 2
Ottensmeier Sven 47226 Uhland- 6
Otten Alwine 47057 Karl-Lehr- 161
– Andreas 47239 Im Niederfeld 25
– Anke 47055 Zum Lift 97
– Arnd 47239 Hochfeld- 137a
– Astrid 47239 Hochfeld- 137a
– Bärbel 47239 Kaiserswerther- 117
– Christa 47279 Zu den Eichen 15
Otten Christel 47137 Brückel- 20
– Christel 47137 Brückel- 20
– Dagmar 47055 Im Schlenk 56
– Dagmar 47053 Tiergarten- 48d
– Dieter 47058 Römer- 436
– Doris 47058 Gerhart-Hauptmann- 93
– Elke 47239 Roos- 45
– Elsbeth 47279 Wedauer- 378
– Erika 47239 Hochfeld- 137a
– Eveline 47179 Hoover- 75
– Franz 47057 Karl-Lehr- 161
– Gerda 47167 Schroer- 29a
– Gisela 47249 Beckerfelder- 6
– Gudrun 47166 Sterkrader- 142
– Günter
47058 Gerhart-Hauptmann- 93
– Heinz 47249 Düsseldorfer Land- 68
– Heinz 47239 Hochfeld- 137a
– Helmut 47178 Friedrich-Ebert- 377
– Hermann 47059 In der Rheinau 110
– Horst 47055 Im Schlenk 56
– Jens 47239 Roos- 45
– Jessica 47239 Roos- 45
– Jürgen 47239 Kaiserswerther- 117
– Karin 47249 Rückert- 2
– Karl 47249 Beckerfelder- 6
– Karlheinz 47053 Tiergarten- 48d
– Lene 47051 Kloster- 10
– Margot 47059 In der Rheinau 110
– Marianne 47259 Sandmüllersweg 26
– Marlies 47249 Süd- 17
– Marliese
47249 Düsseldorfer Land- 68
– Michael 47178 Friedrich-Ebert- 377
– Michael 47279 Zu den Eichen 15
– Michaela 47239 Im Niederfeld 25
– Petra 47167 Kopernikus- 90
– Renate 47059 In der Rheinau 110
– Peter 47226 Friedrich-Alfred- 158
– Siegfried 47139 Lange Kamp 8
– Siegfried 47229 Roos- 45
– Sven 47249 Beckerfelder- 6
– Tanja 47226 Friedrich-Alfred- 158
– Theo 47249 Süd- 11
– Udo 47055 Zum Lift 97
– Ursula 47178 Franz-Lenze-Platz 25
– Vanessa 47239 Roos- 45
– Willi 47167 Schroer- 29a
– Wolfgang 47179 Hoover- 75
– Wolfgang 47051 Mercator- 190
– Wolfgang 47226 Rückert- 2
Otten-Niehaus Silvia
47198 Hochfeld- 131
Otten-Yagcilar Sabine
47226 Brahms- 42
Ottenheym Konrad Dr.
47198 Am Grabenacker 10
– Marion 47198 Am Grabenacker 10
Ottensmann Gerwin
47249 Windhuker- 19
– Horst 47249 Windhuker- 19
– Ingeburg 47249 Am Dickelsbach 93
– Marianne 47249 Windhuker- 19
Otter Bernhard 47249 Lindauer- 12
– Christina 47137 St.-Vither- 6
– Dieter 47249 Lindauer- 12
– Gabriele 47137 St.-Vither- 6
– Helga 47137 Herwarth- 47
– Irene 47057 Röckner- 196
– Maria 47259 Schulz-Knaudt- 9
– Marianna 47137 Herwarth- 47
– Marianne 47137 Borkhofer- 69
– Norbert 47051 Vom-Rath- 10
– Peter 47137 Borkhofer- 69
– Stefanie 47137 Herwarth- 47
– Thomas 47051 Springwall 14
– Werner 47259 Schulz-Knaudt- 9
Otterbein Anke 47228 Steinacker 18
– Anne 47051 Philosophenweg 7
– Christel 47119 Jahn- 42
– Dieter 47058 Schweizer- 45
– Doris 47058 Schweizer- 45
– Frank 47229 König- 11
– Frank 47058 Schweizer- 45
– Karl 47229 Moltke- 8
– Kornelia 47228 Höschen- 2
– Michael 47057 Sternbuschweg 22
– Ralf 47228 Höschen- 2
– Sebastian 47228 Höschen- 2
Ottermann Margarete 47051 Fürsten- 1
– Thea 47169 Bayern- 41
Otters Erich 47053 Fiedler- 89
Ottersbach Irmgard 47249 Zimmer- 36
– Magdalena 47053 Gravelotte- 10
– Maria 47259 Schulz-Knaudt- 9
– Markus 47249 Lindauer- 5
– Stefan 47249 Zimmer- 36
– Thomas 47051 Vom-Rath- 2
– Volker 47249 Zimmer- 36
Ottershagen Andreas
47178 Römer- 509
Ottfried Anna 47055 Sperlingsgasse 11
– Arnold 47053 Königgrätzer- 74
– Luise 47053 Königgrätzer- 74
Otti Bernd 47137 Schwarzwald- 19
– Brigitte 47137 Schwarzwald- 19
– Frank 47137 Gaterweg 33
– Gerald 47137 St.-Vither- 8
– Jörg 47137 Schwarzwald- 19
– Margret 47138 Drakerfeld 8
– Martina 47259 Trompeter- 114
Ottmann Annelie
47058 Gottfried-Kinkel- 18
– Ernst 47169 Hermann- 54
– Frank 47169 Hermann- 54
– Hans-Dieter 47249 Windhuker- 12
– Mara 47053 Heer- 205
– Marianne 47169 Hermann- 54
Otto Achim 47051 Landfermann- 13
– Adele 47058 Pfalz- 28
– Adelheid 47059 Auf der Höhe 23
– Albertine 47279 Bergheime 87
– Alexander 47057 Rheinbaben- 3
– Amalie 47259 Meister-Arenz- 16
– Andrea 47239 Roos- 45
– Andreas 47167 Gerling- 102
– Andreas 47137 Sonderburger- 21
– Angelika 47137 Auf dem Damm 29
– Angelika 47053 Heer- 35
– Angelika 47051 Lehrmann- 25
– Anita 47169 Pollerbruch- 6
Firmen, Gewerbebetriebe usw. nach Namen – siehe gelber Teil	A-DU
